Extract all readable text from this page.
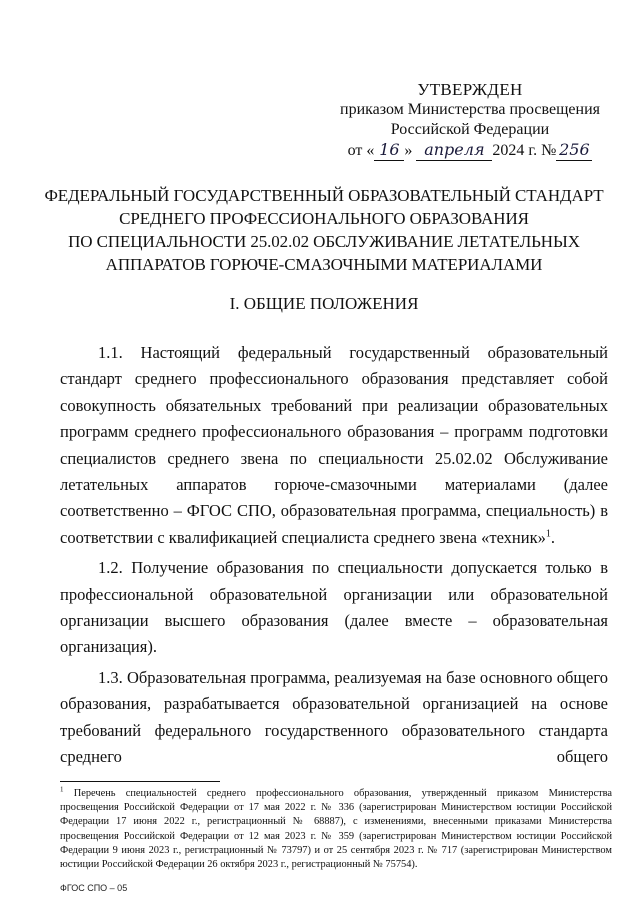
УТВЕРЖДЕН
приказом Министерства просвещения
Российской Федерации
от « 16 » апреля 2024 г. № 256
ФЕДЕРАЛЬНЫЙ ГОСУДАРСТВЕННЫЙ ОБРАЗОВАТЕЛЬНЫЙ СТАНДАРТ
СРЕДНЕГО ПРОФЕССИОНАЛЬНОГО ОБРАЗОВАНИЯ
ПО СПЕЦИАЛЬНОСТИ 25.02.02 ОБСЛУЖИВАНИЕ ЛЕТАТЕЛЬНЫХ
АППАРАТОВ ГОРЮЧЕ-СМАЗОЧНЫМИ МАТЕРИАЛАМИ
I. ОБЩИЕ ПОЛОЖЕНИЯ

1.1. Настоящий федеральный государственный образовательный стандарт среднего профессионального образования представляет собой совокупность обязательных требований при реализации образовательных программ среднего профессионального образования – программ подготовки специалистов среднего звена по специальности 25.02.02 Обслуживание летательных аппаратов горюче-смазочными материалами (далее соответственно – ФГОС СПО, образовательная программа, специальность) в соответствии с квалификацией специалиста среднего звена «техник»$^1$.

1.2. Получение образования по специальности допускается только в профессиональной образовательной организации или образовательной организации высшего образования (далее вместе – образовательная организация).

1.3. Образовательная программа, реализуемая на базе основного общего образования, разрабатывается образовательной организацией на основе требований федерального государственного образовательного стандарта среднего общего

$^1$ Перечень специальностей среднего профессионального образования, утвержденный приказом Министерства просвещения Российской Федерации от 17 мая 2022 г. № 336 (зарегистрирован Министерством юстиции Российской Федерации 17 июня 2022 г., регистрационный № 68887), с изменениями, внесенными приказами Министерства просвещения Российской Федерации от 12 мая 2023 г. № 359 (зарегистрирован Министерством юстиции Российской Федерации 9 июня 2023 г., регистрационный № 73797) и от 25 сентября 2023 г. № 717 (зарегистрирован Министерством юстиции Российской Федерации 26 октября 2023 г., регистрационный № 75754).
ФГОС СПО – 05
